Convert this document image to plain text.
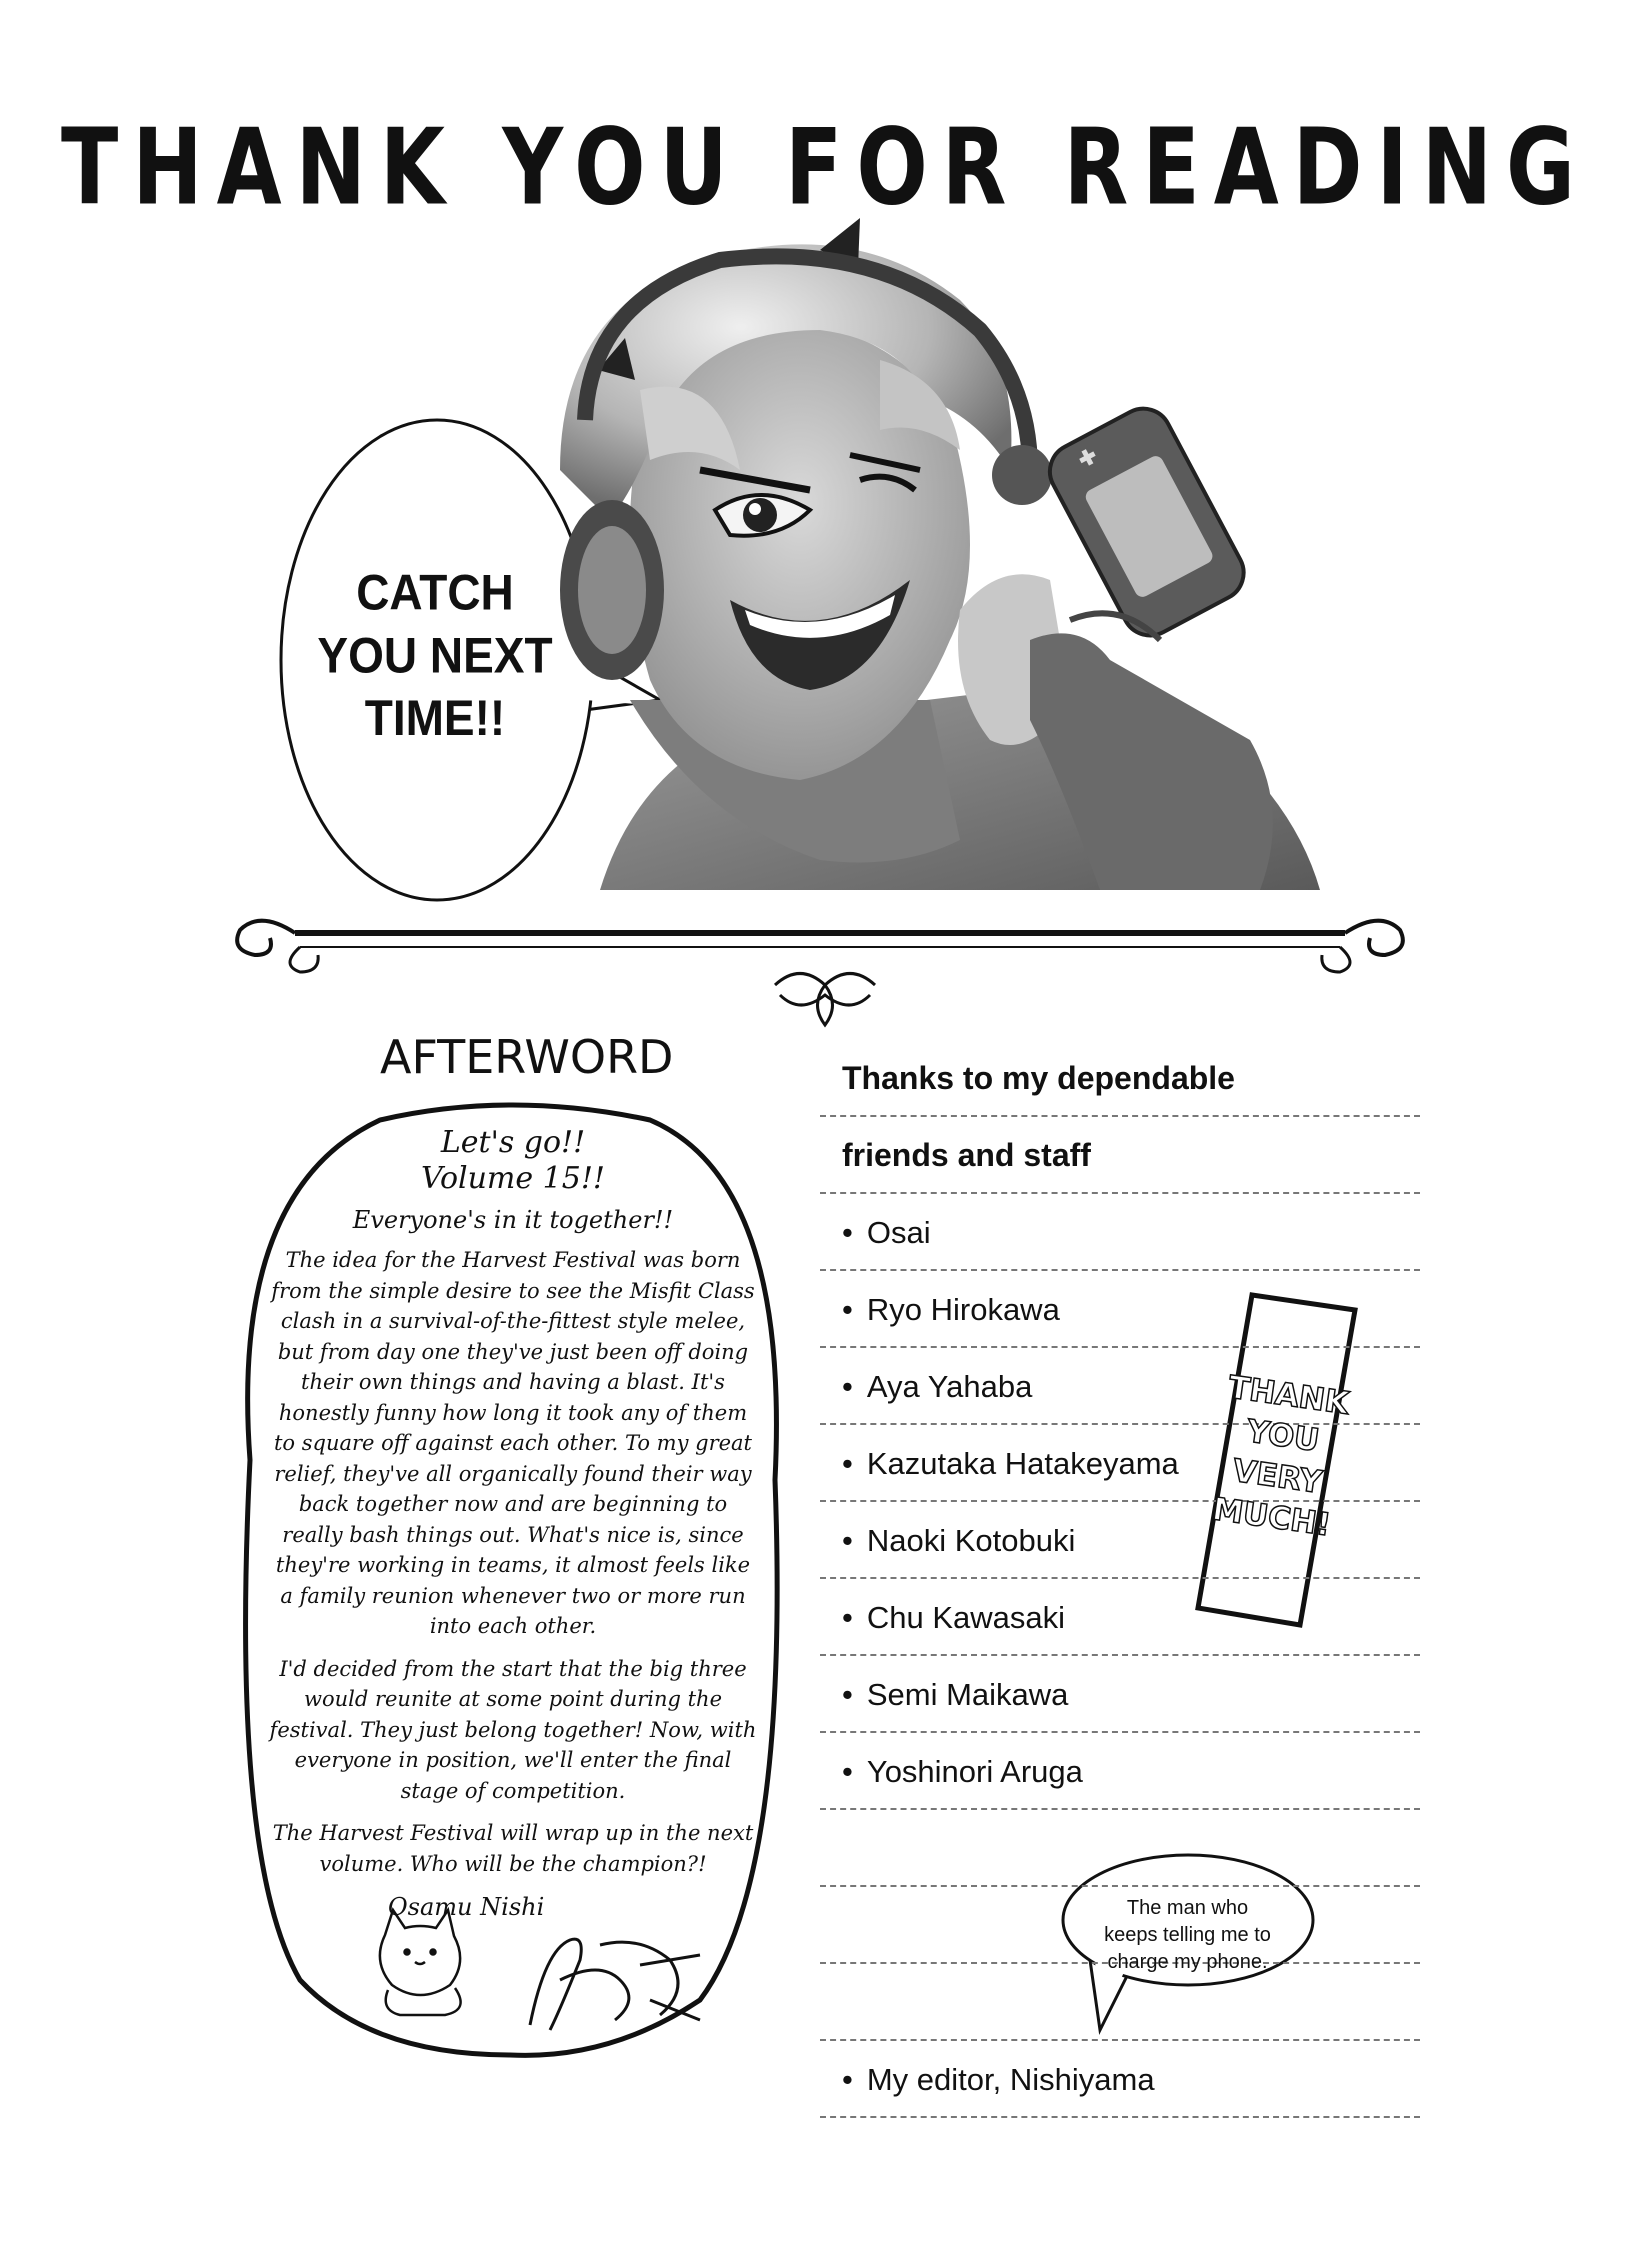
THANK YOU FOR READING
CATCH
YOU NEXT
TIME!!
AFTERWORD
Let's go!!
Volume 15!!
Everyone's in it together!!

The idea for the Harvest Festival was born from the simple desire to see the Misfit Class clash in a survival-of-the-fittest style melee, but from day one they've just been off doing their own things and having a blast. It's honestly funny how long it took any of them to square off against each other. To my great relief, they've all organically found their way back together now and are beginning to really bash things out. What's nice is, since they're working in teams, it almost feels like a family reunion whenever two or more run into each other.

I'd decided from the start that the big three would reunite at some point during the festival. They just belong together! Now, with everyone in position, we'll enter the final stage of competition.

The Harvest Festival will wrap up in the next volume. Who will be the champion?!

Osamu Nishi
Thanks to my dependable
friends and staff
• Osai
• Ryo Hirokawa
• Aya Yahaba
• Kazutaka Hatakeyama
• Naoki Kotobuki
• Chu Kawasaki
• Semi Maikawa
• Yoshinori Aruga
• My editor, Nishiyama
THANK
YOU
VERY
MUCH!
The man who
keeps telling me to
charge my phone.
